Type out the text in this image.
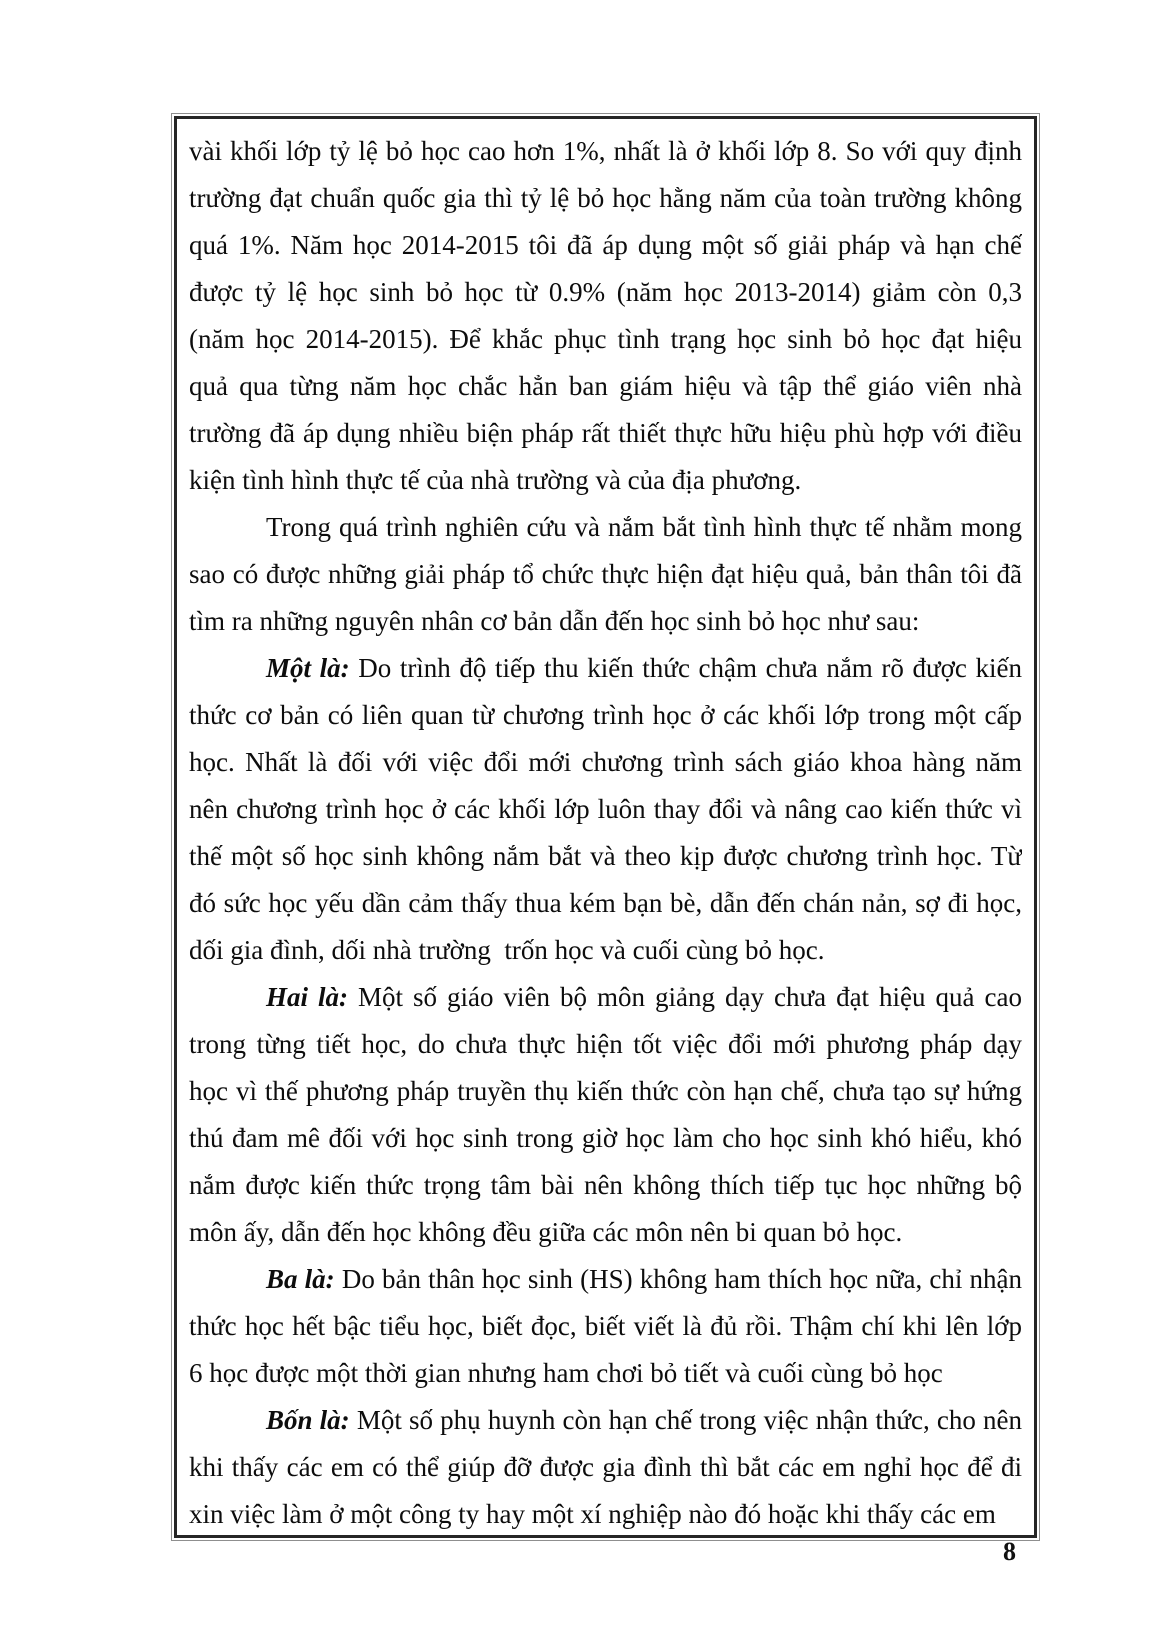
vài khối lớp tỷ lệ bỏ học cao hơn 1%, nhất là ở khối lớp 8. So với quy định
trường đạt chuẩn quốc gia thì tỷ lệ bỏ học hằng năm của toàn trường không
quá 1%. Năm học 2014-2015 tôi đã áp dụng một số giải pháp và hạn chế
được tỷ lệ học sinh bỏ học từ 0.9% (năm học 2013-2014) giảm còn 0,3
(năm học 2014-2015). Để khắc phục tình trạng học sinh bỏ học đạt hiệu
quả qua từng năm học chắc hẳn ban giám hiệu và tập thể giáo viên nhà
trường đã áp dụng nhiều biện pháp rất thiết thực hữu hiệu phù hợp với điều
kiện tình hình thực tế của nhà trường và của địa phương.
Trong quá trình nghiên cứu và nắm bắt tình hình thực tế nhằm mong
sao có được những giải pháp tổ chức thực hiện đạt hiệu quả, bản thân tôi đã
tìm ra những nguyên nhân cơ bản dẫn đến học sinh bỏ học như sau:
Một là: Do trình độ tiếp thu kiến thức chậm chưa nắm rõ được kiến
thức cơ bản có liên quan từ chương trình học ở các khối lớp trong một cấp
học. Nhất là đối với việc đổi mới chương trình sách giáo khoa hàng năm
nên chương trình học ở các khối lớp luôn thay đổi và nâng cao kiến thức vì
thế một số học sinh không nắm bắt và theo kịp được chương trình học. Từ
đó sức học yếu dần cảm thấy thua kém bạn bè, dẫn đến chán nản, sợ đi học,
dối gia đình, dối nhà trường  trốn học và cuối cùng bỏ học.
Hai là: Một số giáo viên bộ môn giảng dạy chưa đạt hiệu quả cao
trong từng tiết học, do chưa thực hiện tốt việc đổi mới phương pháp dạy
học vì thế phương pháp truyền thụ kiến thức còn hạn chế, chưa tạo sự hứng
thú đam mê đối với học sinh trong giờ học làm cho học sinh khó hiểu, khó
nắm được kiến thức trọng tâm bài nên không thích tiếp tục học những bộ
môn ấy, dẫn đến học không đều giữa các môn nên bi quan bỏ học.
Ba là: Do bản thân học sinh (HS) không ham thích học nữa, chỉ nhận
thức học hết bậc tiểu học, biết đọc, biết viết là đủ rồi. Thậm chí khi lên lớp
6 học được một thời gian nhưng ham chơi bỏ tiết và cuối cùng bỏ học
Bốn là: Một số phụ huynh còn hạn chế trong việc nhận thức, cho nên
khi thấy các em có thể giúp đỡ được gia đình thì bắt các em nghỉ học để đi
xin việc làm ở một công ty hay một xí nghiệp nào đó hoặc khi thấy các em
8
